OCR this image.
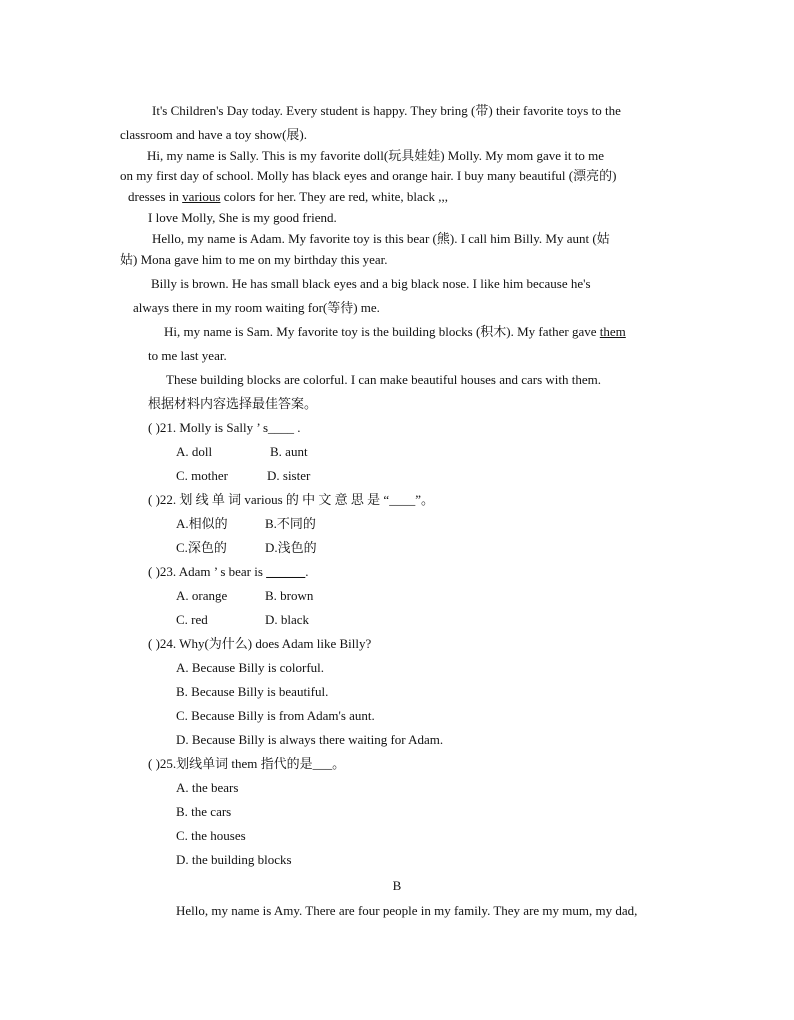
It's Children's Day today. Every student is happy. They bring (带) their favorite toys to the
classroom and have a toy show(展).
Hi, my name is Sally. This is my favorite doll(玩具娃娃) Molly. My mom gave it to me
on my first day of school. Molly has black eyes and orange hair. I buy many beautiful (漂亮的)
dresses in various colors for her. They are red, white, black ,,,
I love Molly, She is my good friend.
Hello, my name is Adam. My favorite toy is this bear (熊). I call him Billy. My aunt (姑
姑) Mona gave him to me on my birthday this year.
Billy is brown. He has small black eyes and a big black nose. I like him because he's
always there in my room waiting for(等待) me.
Hi, my name is Sam. My favorite toy is the building blocks (积木). My father gave them
to me last year.
These building blocks are colorful. I can make beautiful houses and cars with them.
根据材料内容选择最佳答案。
( )21. Molly is Sally ’ s____ .
A. doll	B. aunt
C. mother	D. sister
( )22. 划 线 单 词 various 的 中 文 意 思 是 “____”。
A.相似的	B.不同的
C.深色的	D.浅色的
( )23. Adam ’ s bear is ______.
A. orange	B. brown
C. red	D. black
( )24. Why(为什么) does Adam like Billy?
A. Because Billy is colorful.
B. Because Billy is beautiful.
C. Because Billy is from Adam's aunt.
D. Because Billy is always there waiting for Adam.
( )25.划线单词 them 指代的是___。
A. the bears
B. the cars
C. the houses
D. the building blocks
B
Hello, my name is Amy. There are four people in my family. They are my mum, my dad,
